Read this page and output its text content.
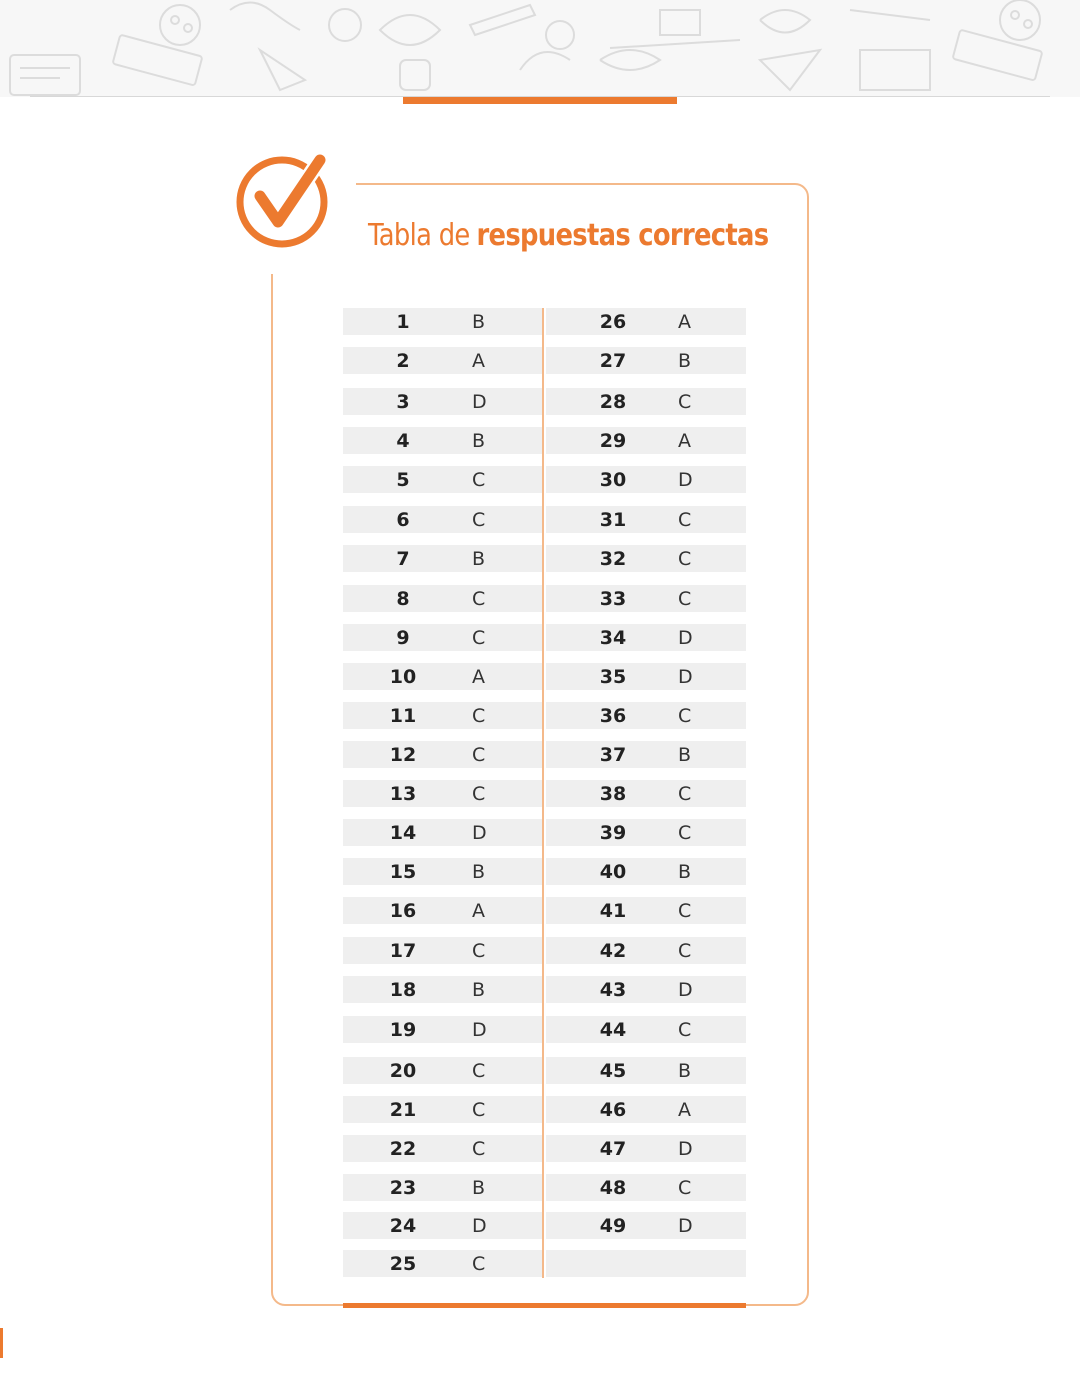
Tabla de respuestas correctas
1	B
2	A
3	D
4	B
5	C
6	C
7	B
8	C
9	C
10	A
11	C
12	C
13	C
14	D
15	B
16	A
17	C
18	B
19	D
20	C
21	C
22	C
23	B
24	D
25	C
26	A
27	B
28	C
29	A
30	D
31	C
32	C
33	C
34	D
35	D
36	C
37	B
38	C
39	C
40	B
41	C
42	C
43	D
44	C
45	B
46	A
47	D
48	C
49	D
